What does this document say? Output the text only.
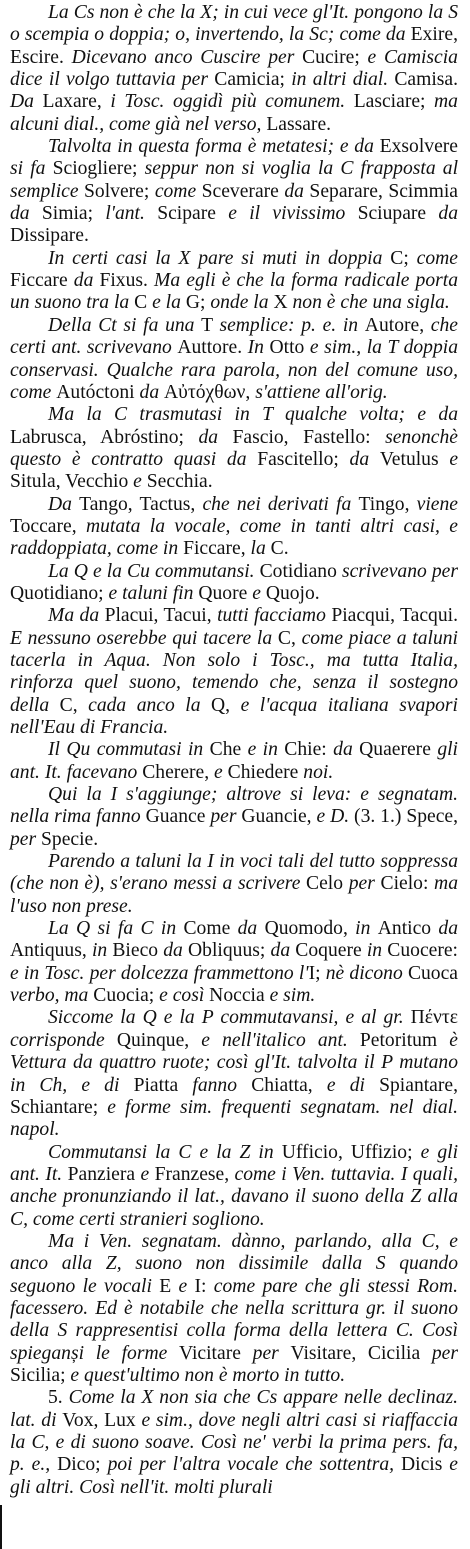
La Cs non è che la X; in cui vece gl'It. pongono la S o scempia o doppia; o, invertendo, la Sc; come da Exire, Escire. Dicevano anco Cuscire per Cucire; e Camiscia dice il volgo tuttavia per Camicia; in altri dial. Camisa. Da Laxare, i Tosc. oggidì più comunem. Lasciare; ma alcuni dial., come già nel verso, Lassare.

Talvolta in questa forma è metatesi; e da Exsolvere si fa Sciogliere; seppur non si voglia la C frapposta al semplice Solvere; come Sceverare da Separare, Scimmia da Simia; l'ant. Scipare e il vivissimo Sciupare da Dissipare.

In certi casi la X pare si muti in doppia C; come Ficcare da Fixus. Ma egli è che la forma radicale porta un suono tra la C e la G; onde la X non è che una sigla.

Della Ct si fa una T semplice: p. e. in Autore, che certi ant. scrivevano Auttore. In Otto e sim., la T doppia conservasi. Qualche rara parola, non del comune uso, come Autóctoni da Αὐτόχθων, s'attiene all'orig.

Ma la C trasmutasi in T qualche volta; e da Labrusca, Abróstino; da Fascio, Fastello: senonchè questo è contratto quasi da Fascitello; da Vetulus e Situla, Vecchio e Secchia.

Da Tango, Tactus, che nei derivati fa Tingo, viene Toccare, mutata la vocale, come in tanti altri casi, e raddoppiata, come in Ficcare, la C.

La Q e la Cu commutansi. Cotidiano scrivevano per Quotidiano; e taluni fin Quore e Quojo.

Ma da Placui, Tacui, tutti facciamo Piacqui, Tacqui. E nessuno oserebbe qui tacere la C, come piace a taluni tacerla in Aqua. Non solo i Tosc., ma tutta Italia, rinforza quel suono, temendo che, senza il sostegno della C, cada anco la Q, e l'acqua italiana svapori nell'Eau di Francia.

Il Qu commutasi in Che e in Chie: da Quaerere gli ant. It. facevano Cherere, e Chiedere noi.

Qui la I s'aggiunge; altrove si leva: e segnatam. nella rima fanno Guance per Guancie, e D. (3. 1.) Spece, per Specie.

Parendo a taluni la I in voci tali del tutto soppressa (che non è), s'erano messi a scrivere Celo per Cielo: ma l'uso non prese.

La Q si fa C in Come da Quomodo, in Antico da Antiquus, in Bieco da Obliquus; da Coquere in Cuocere: e in Tosc. per dolcezza frammettono l'I; nè dicono Cuoca verbo, ma Cuocia; e così Noccia e sim.

Siccome la Q e la P commutavansi, e al gr. Πέντε corrisponde Quinque, e nell'italico ant. Petoritum è Vettura da quattro ruote; così gl'It. talvolta il P mutano in Ch, e di Piatta fanno Chiatta, e di Spiantare, Schiantare; e forme sim. frequenti segnatam. nel dial. napol.

Commutansi la C e la Z in Ufficio, Uffizio; e gli ant. It. Panziera e Franzese, come i Ven. tuttavia. I quali, anche pronunziando il lat., davano il suono della Z alla C, come certi stranieri sogliono.

Ma i Ven. segnatam. dànno, parlando, alla C, e anco alla Z, suono non dissimile dalla S quando seguono le vocali E e I: come pare che gli stessi Rom. facessero. Ed è notabile che nella scrittura gr. il suono della S rappresentisi colla forma della lettera C. Così spieganși le forme Vicitare per Visitare, Cicilia per Sicilia; e quest'ultimo non è morto in tutto.

5. Come la X non sia che Cs appare nelle declinaz. lat. di Vox, Lux e sim., dove negli altri casi si riaffaccia la C, e di suono soave. Così ne' verbi la prima pers. fa, p. e., Dico; poi per l'altra vocale che sottentra, Dicis e gli altri. Così nell'it. molti plurali
